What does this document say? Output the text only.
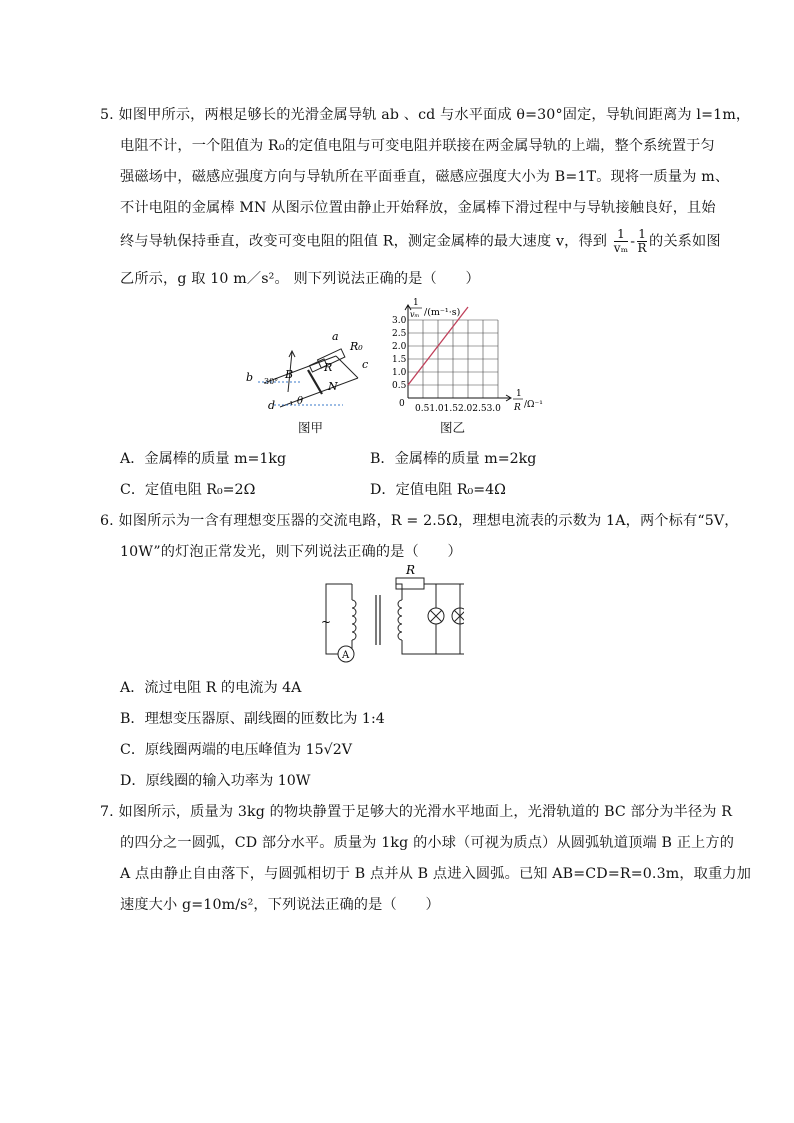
5. 如图甲所示，两根足够长的光滑金属导轨 ab 、cd 与水平面成 θ=30°固定，导轨间距离为 l=1m，
电阻不计，一个阻值为 R₀的定值电阻与可变电阻并联接在两金属导轨的上端，整个系统置于匀
强磁场中，磁感应强度方向与导轨所在平面垂直，磁感应强度大小为 B=1T。现将一质量为 m、
不计电阻的金属棒 MN 从图示位置由静止开始释放，金属棒下滑过程中与导轨接触良好，且始
终与导轨保持垂直，改变可变电阻的阻值 R，测定金属棒的最大速度 v，得到 $\frac{1}{\text{vₘ}} - \frac{1}{R}$ 的关系如图
乙所示，g 取 10 m／s²。 则下列说法正确的是（　　）
a
R₀
c
R
B
b
N
d θ
30°
图甲
1
vₘ /(m⁻¹·s)
3.0
2.5
2.0
1.5
1.0
0.5
0 0.51.01.52.02.53.0
1
R /Ω⁻¹
图乙
A．金属棒的质量 m=1kg	B．金属棒的质量 m=2kg
C．定值电阻 R₀=2Ω	D．定值电阻 R₀=4Ω
6. 如图所示为一含有理想变压器的交流电路，R = 2.5Ω，理想电流表的示数为 1A，两个标有“5V，
10W”的灯泡正常发光，则下列说法正确的是（　　）
R
~
A
A．流过电阻 R 的电流为 4A
B．理想变压器原、副线圈的匝数比为 1:4
C．原线圈两端的电压峰值为 15√2V
D．原线圈的输入功率为 10W
7. 如图所示，质量为 3kg 的物块静置于足够大的光滑水平地面上，光滑轨道的 BC 部分为半径为 R
的四分之一圆弧，CD 部分水平。质量为 1kg 的小球（可视为质点）从圆弧轨道顶端 B 正上方的
A 点由静止自由落下，与圆弧相切于 B 点并从 B 点进入圆弧。已知 AB=CD=R=0.3m，取重力加
速度大小 g=10m/s²，下列说法正确的是（　　）
